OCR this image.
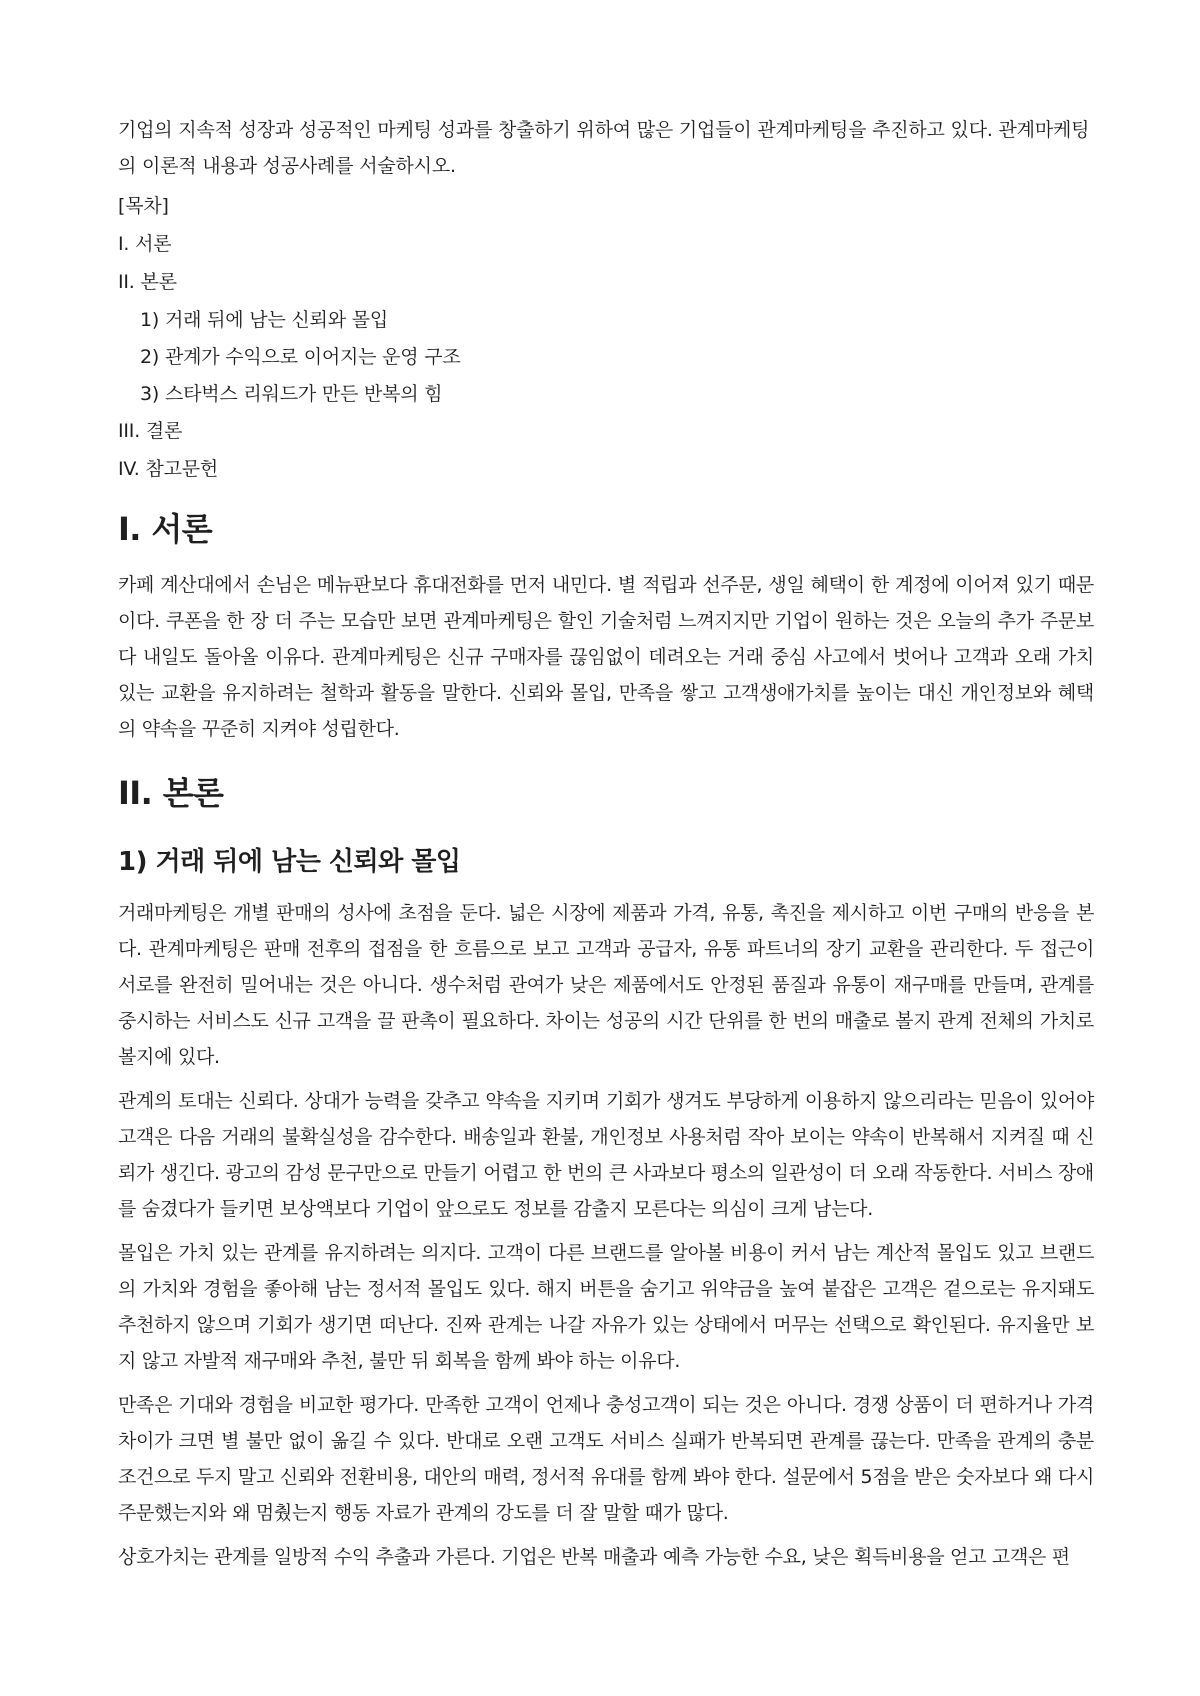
기업의 지속적 성장과 성공적인 마케팅 성과를 창출하기 위하여 많은 기업들이 관계마케팅을 추진하고 있다. 관계마케팅의 이론적 내용과 성공사례를 서술하시오.

[목차]
I. 서론
II. 본론
1) 거래 뒤에 남는 신뢰와 몰입
2) 관계가 수익으로 이어지는 운영 구조
3) 스타벅스 리워드가 만든 반복의 힘
III. 결론
IV. 참고문헌
I. 서론

카페 계산대에서 손님은 메뉴판보다 휴대전화를 먼저 내민다. 별 적립과 선주문, 생일 혜택이 한 계정에 이어져 있기 때문이다. 쿠폰을 한 장 더 주는 모습만 보면 관계마케팅은 할인 기술처럼 느껴지지만 기업이 원하는 것은 오늘의 추가 주문보다 내일도 돌아올 이유다. 관계마케팅은 신규 구매자를 끊임없이 데려오는 거래 중심 사고에서 벗어나 고객과 오래 가치 있는 교환을 유지하려는 철학과 활동을 말한다. 신뢰와 몰입, 만족을 쌓고 고객생애가치를 높이는 대신 개인정보와 혜택의 약속을 꾸준히 지켜야 성립한다.

II. 본론
1) 거래 뒤에 남는 신뢰와 몰입

거래마케팅은 개별 판매의 성사에 초점을 둔다. 넓은 시장에 제품과 가격, 유통, 촉진을 제시하고 이번 구매의 반응을 본다. 관계마케팅은 판매 전후의 접점을 한 흐름으로 보고 고객과 공급자, 유통 파트너의 장기 교환을 관리한다. 두 접근이 서로를 완전히 밀어내는 것은 아니다. 생수처럼 관여가 낮은 제품에서도 안정된 품질과 유통이 재구매를 만들며, 관계를 중시하는 서비스도 신규 고객을 끌 판촉이 필요하다. 차이는 성공의 시간 단위를 한 번의 매출로 볼지 관계 전체의 가치로 볼지에 있다.

관계의 토대는 신뢰다. 상대가 능력을 갖추고 약속을 지키며 기회가 생겨도 부당하게 이용하지 않으리라는 믿음이 있어야 고객은 다음 거래의 불확실성을 감수한다. 배송일과 환불, 개인정보 사용처럼 작아 보이는 약속이 반복해서 지켜질 때 신뢰가 생긴다. 광고의 감성 문구만으로 만들기 어렵고 한 번의 큰 사과보다 평소의 일관성이 더 오래 작동한다. 서비스 장애를 숨겼다가 들키면 보상액보다 기업이 앞으로도 정보를 감출지 모른다는 의심이 크게 남는다.

몰입은 가치 있는 관계를 유지하려는 의지다. 고객이 다른 브랜드를 알아볼 비용이 커서 남는 계산적 몰입도 있고 브랜드의 가치와 경험을 좋아해 남는 정서적 몰입도 있다. 해지 버튼을 숨기고 위약금을 높여 붙잡은 고객은 겉으로는 유지돼도 추천하지 않으며 기회가 생기면 떠난다. 진짜 관계는 나갈 자유가 있는 상태에서 머무는 선택으로 확인된다. 유지율만 보지 않고 자발적 재구매와 추천, 불만 뒤 회복을 함께 봐야 하는 이유다.

만족은 기대와 경험을 비교한 평가다. 만족한 고객이 언제나 충성고객이 되는 것은 아니다. 경쟁 상품이 더 편하거나 가격 차이가 크면 별 불만 없이 옮길 수 있다. 반대로 오랜 고객도 서비스 실패가 반복되면 관계를 끊는다. 만족을 관계의 충분조건으로 두지 말고 신뢰와 전환비용, 대안의 매력, 정서적 유대를 함께 봐야 한다. 설문에서 5점을 받은 숫자보다 왜 다시 주문했는지와 왜 멈췄는지 행동 자료가 관계의 강도를 더 잘 말할 때가 많다.

상호가치는 관계를 일방적 수익 추출과 가른다. 기업은 반복 매출과 예측 가능한 수요, 낮은 획득비용을 얻고 고객은 편
